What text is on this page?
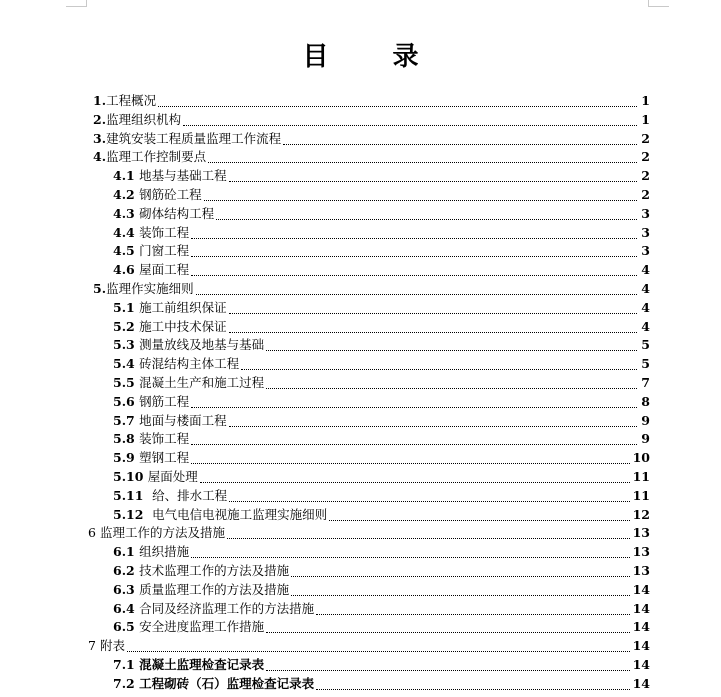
目 录
1. 工程概况	1
2. 监理组织机构	1
3. 建筑安装工程质量监理工作流程	2
4. 监理工作控制要点	2
4.1 地基与基础工程	2
4.2 钢筋砼工程	2
4.3 砌体结构工程	3
4.4 装饰工程	3
4.5 门窗工程	3
4.6 屋面工程	4
5. 监理作实施细则	4
5.1 施工前组织保证	4
5.2 施工中技术保证	4
5.3 测量放线及地基与基础	5
5.4 砖混结构主体工程	5
5.5 混凝土生产和施工过程	7
5.6 钢筋工程	8
5.7 地面与楼面工程	9
5.8 装饰工程	9
5.9 塑钢工程	10
5.10 屋面处理	11
5.11 给、排水工程	11
5.12 电气电信电视施工监理实施细则	12
6 监理工作的方法及措施	13
6.1 组织措施	13
6.2 技术监理工作的方法及措施	13
6.3 质量监理工作的方法及措施	14
6.4 合同及经济监理工作的方法措施	14
6.5 安全进度监理工作措施	14
7 附表	14
7.1 混凝土监理检查记录表	14
7.2 工程砌砖（石）监理检查记录表	14
